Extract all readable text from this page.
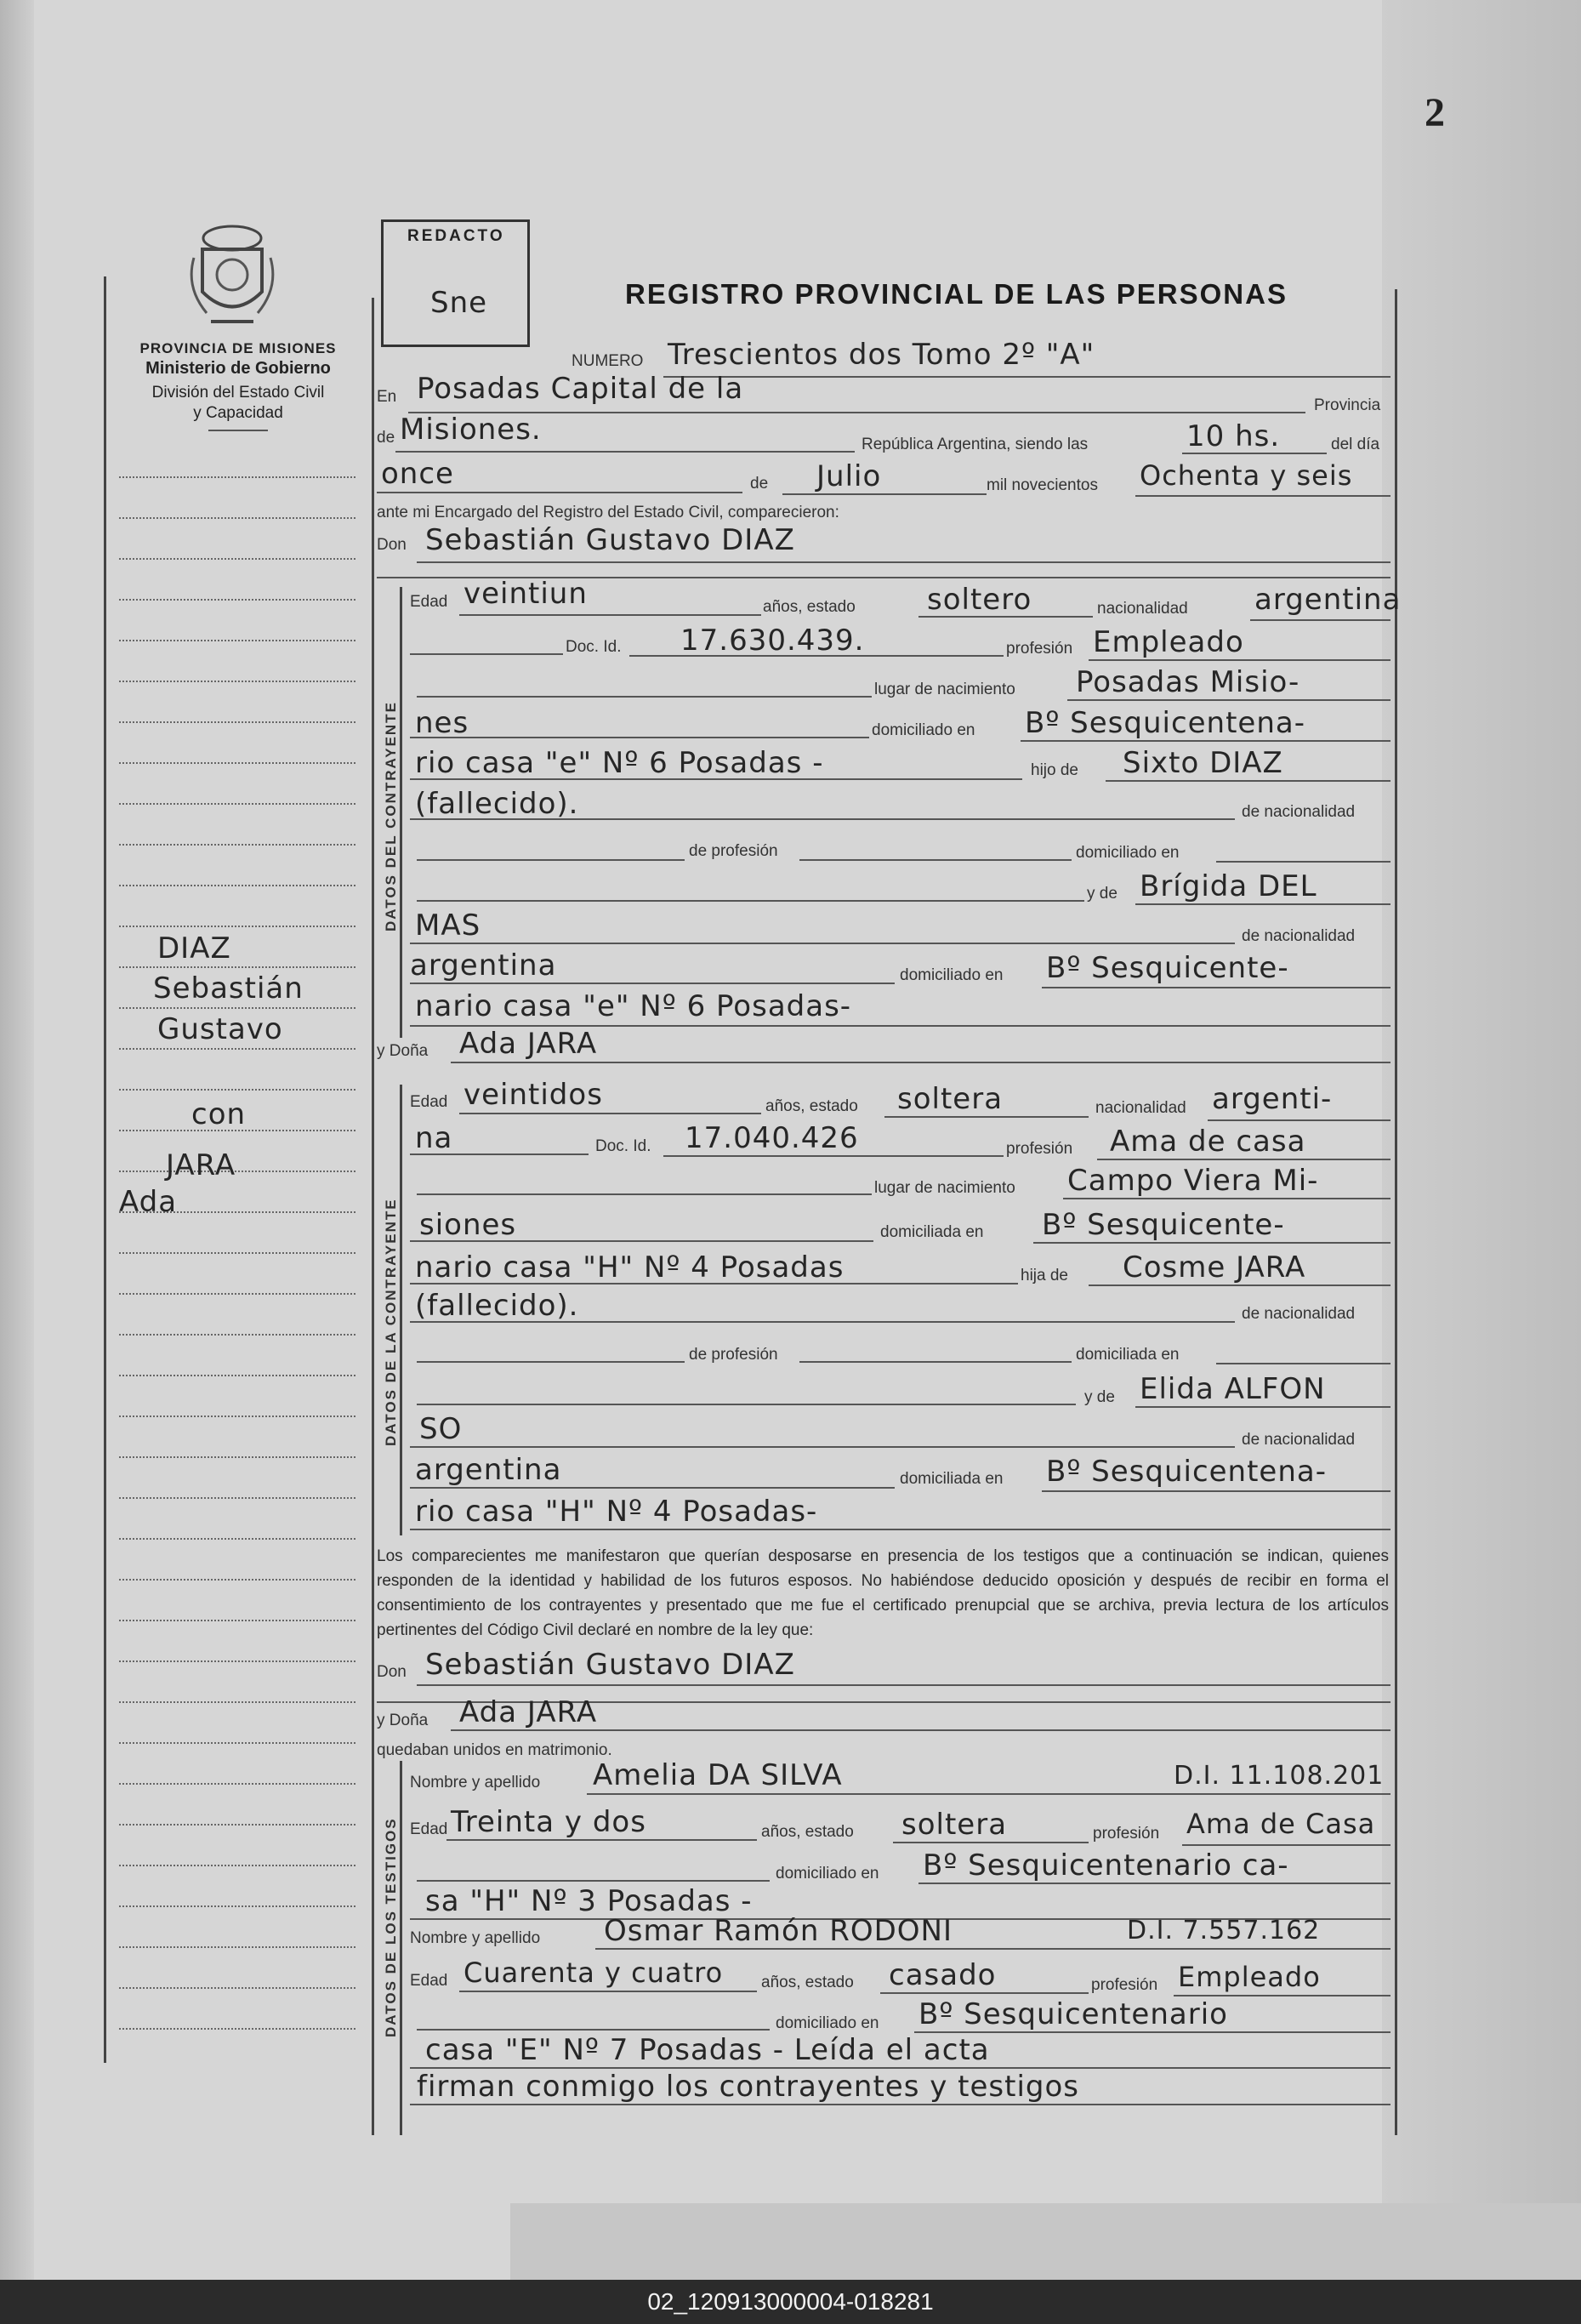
2
PROVINCIA DE MISIONES
Ministerio de Gobierno
División del Estado Civil
y Capacidad
REDACTO
Sne	REGISTRO PROVINCIAL DE LAS PERSONAS
DIAZ
Sebastián
Gustavo
con
JARA
Ada
NUMERO Trescientos dos Tomo 2º "A"
En Posadas Capital de la	Provincia
de Misiones.	República Argentina, siendo las	10 hs.	del día
once	de Julio	mil novecientos Ochenta y seis
ante mi Encargado del Registro del Estado Civil, comparecieron:
Don Sebastián Gustavo DIAZ
DATOS DEL CONTRAYENTE
Edad veintiun	años, estado soltero	nacionalidad argentina
Doc. Id. 17.630.439.	profesión Empleado
lugar de nacimiento Posadas Misio-
nes	domiciliado en Bº Sesquicentena-
rio casa "e" Nº 6 Posadas -	hijo de Sixto DIAZ
(fallecido).	de nacionalidad
de profesión	domiciliado en
y de Brígida DEL
MAS	de nacionalidad
argentina	domiciliado en Bº Sesquicente-
nario casa "e" Nº 6 Posadas-
y Doña Ada JARA
DATOS DE LA CONTRAYENTE
Edad veintidos	años, estado soltera	nacionalidad argenti-
na	Doc. Id. 17.040.426	profesión Ama de casa
lugar de nacimiento Campo Viera Mi-
siones	domiciliada en Bº Sesquicente-
nario casa "H" Nº 4 Posadas	hija de Cosme JARA
(fallecido).	de nacionalidad
de profesión	domiciliada en
y de Elida ALFON
SO	de nacionalidad
argentina	domiciliada en Bº Sesquicentena-
rio casa "H" Nº 4 Posadas-
Los comparecientes me manifestaron que querían desposarse en presencia de los testigos que a continuación se indican, quienes responden de la identidad y habilidad de los futuros esposos. No habiéndose deducido oposición y después de recibir en forma el consentimiento de los contrayentes y presentado que me fue el certificado prenupcial que se archiva, previa lectura de los artículos pertinentes del Código Civil declaré en nombre de la ley que:
Don Sebastián Gustavo DIAZ
y Doña Ada JARA
quedaban unidos en matrimonio.
DATOS DE LOS TESTIGOS
Nombre y apellido Amelia DA SILVA	D.I. 11.108.201
Edad Treinta y dos	años, estado soltera	profesión Ama de Casa
domiciliado en Bº Sesquicentenario ca-
sa "H" Nº 3 Posadas -
Nombre y apellido Osmar Ramón RODONI	D.I. 7.557.162
Edad Cuarenta y cuatro años, estado casado	profesión Empleado
domiciliado en Bº Sesquicentenario
casa "E" Nº 7 Posadas - Leída el acta
firman conmigo los contrayentes y testigos
02_120913000004-018281
